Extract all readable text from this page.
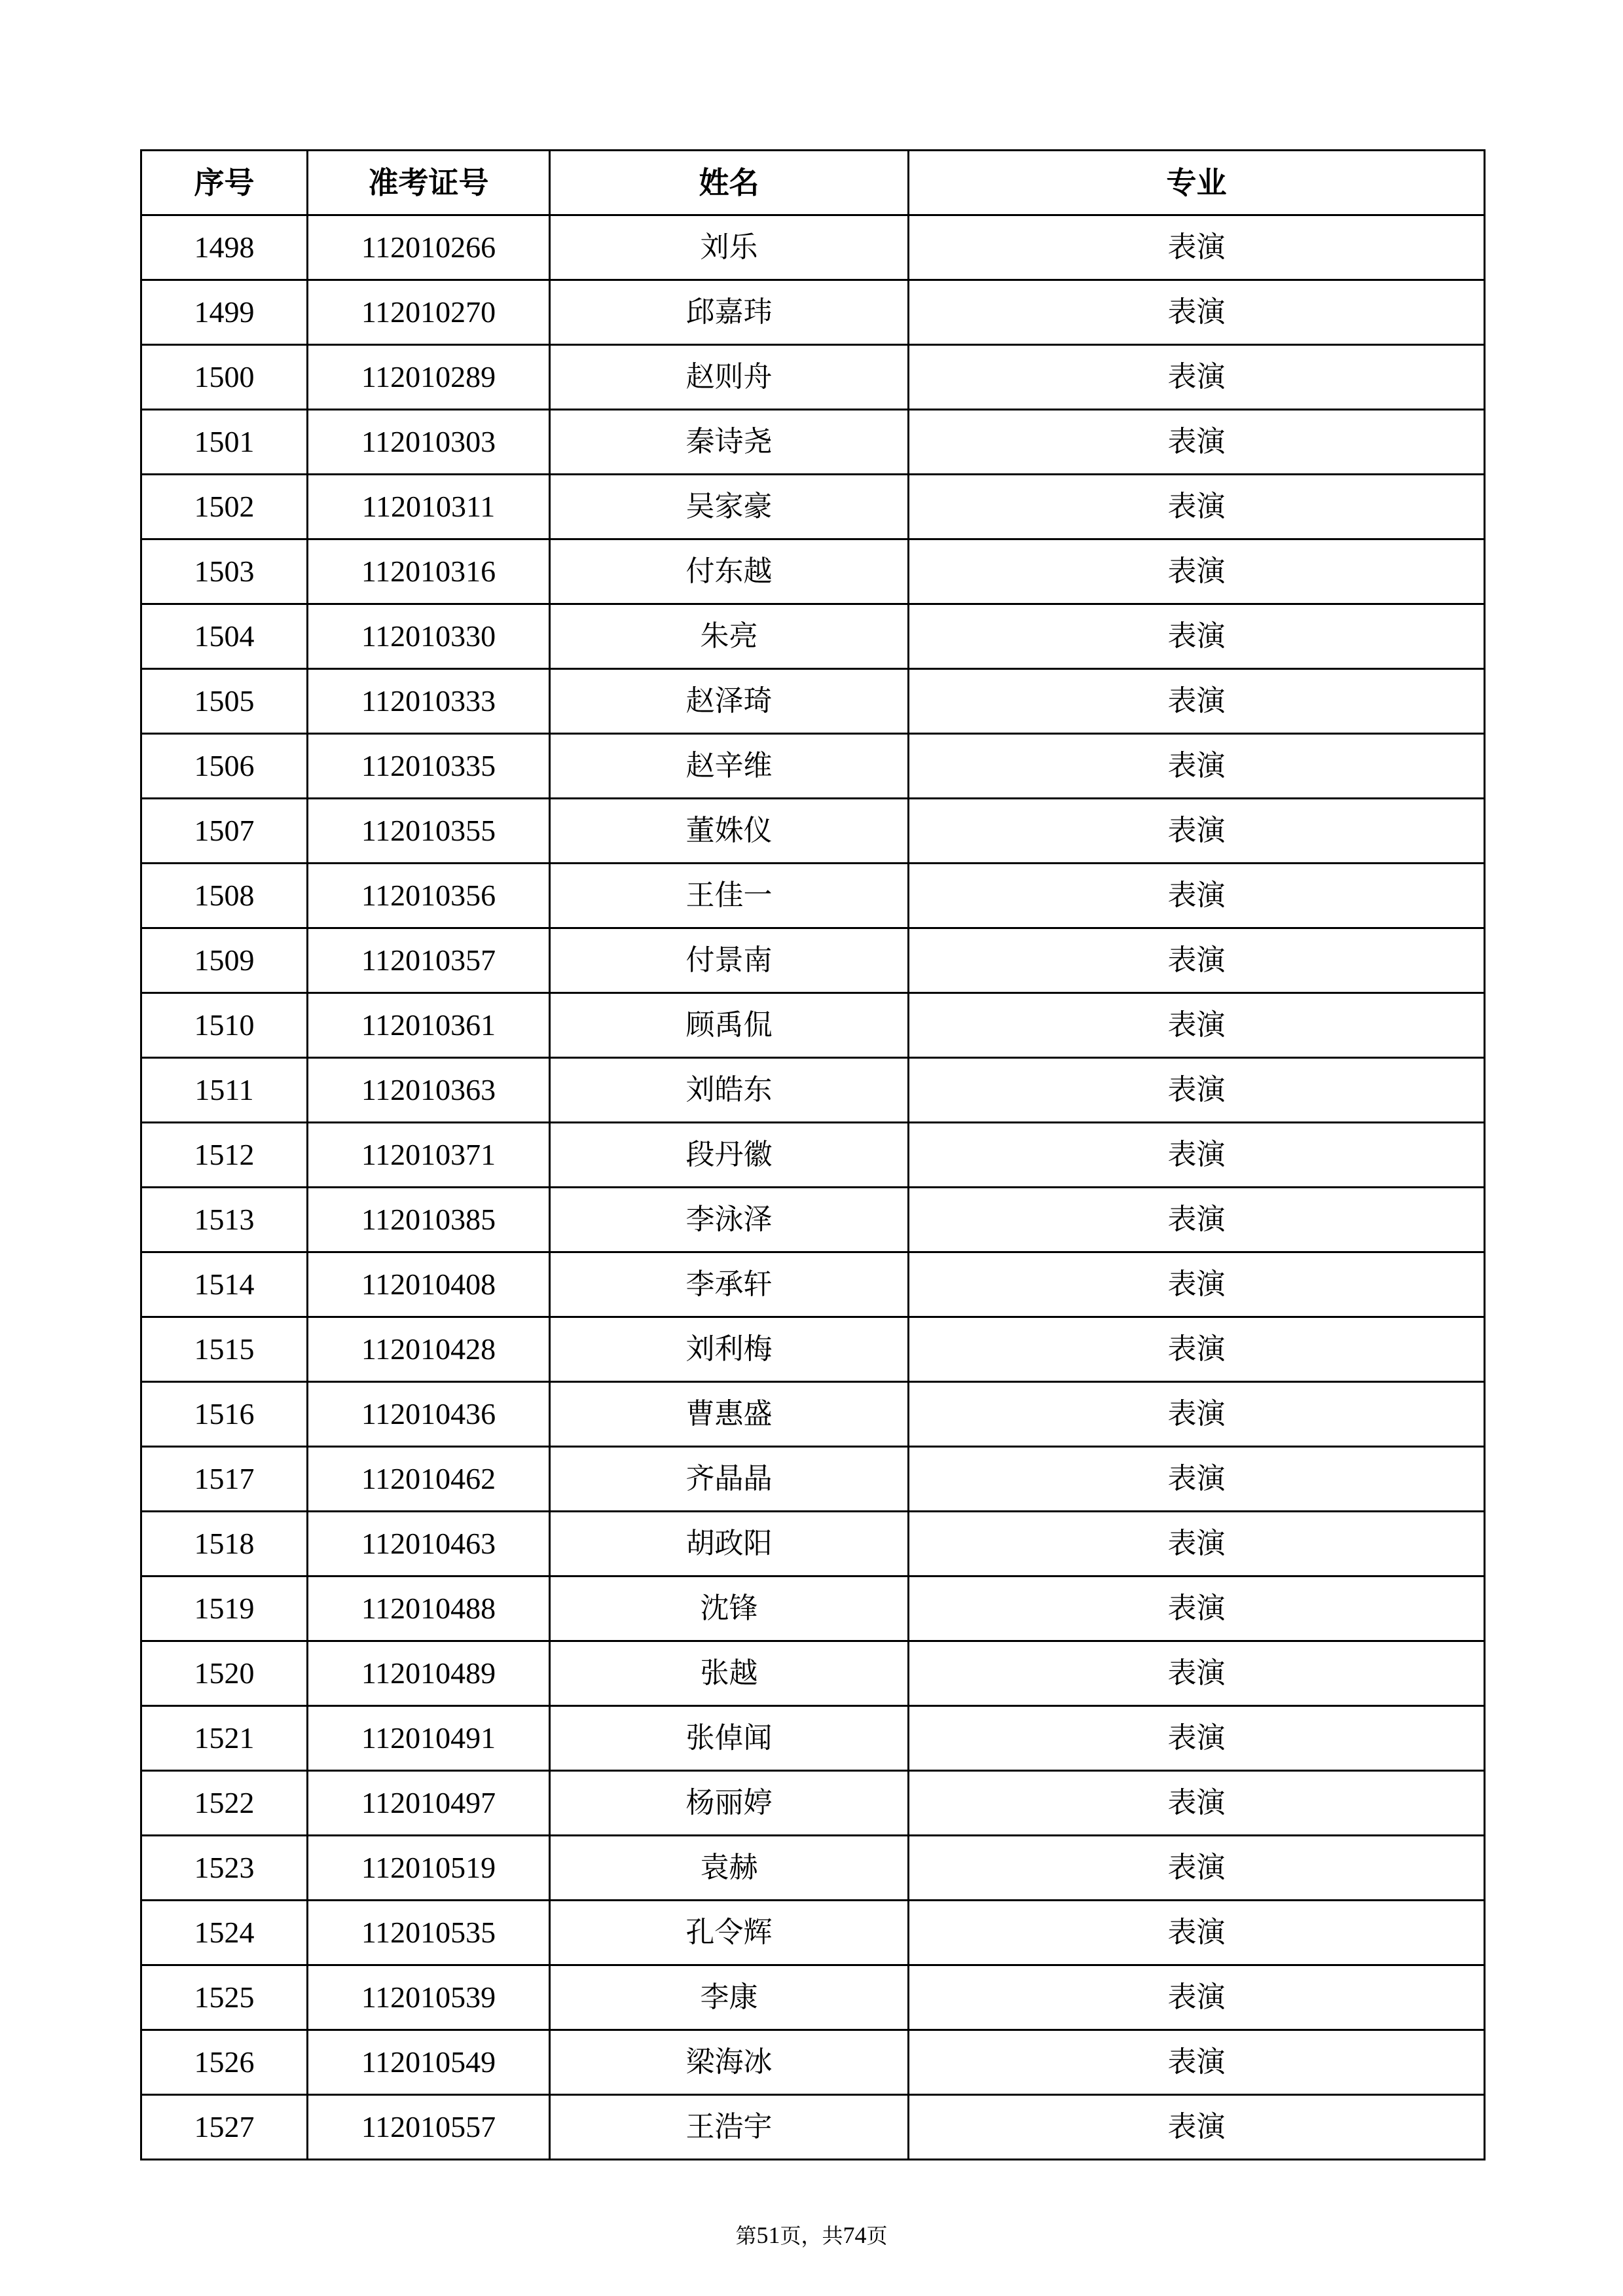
序号	准考证号	姓名	专业
1498	112010266	刘乐	表演
1499	112010270	邱嘉玮	表演
1500	112010289	赵则舟	表演
1501	112010303	秦诗尧	表演
1502	112010311	吴家豪	表演
1503	112010316	付东越	表演
1504	112010330	朱亮	表演
1505	112010333	赵泽琦	表演
1506	112010335	赵辛维	表演
1507	112010355	董姝仪	表演
1508	112010356	王佳一	表演
1509	112010357	付景南	表演
1510	112010361	顾禹侃	表演
1511	112010363	刘皓东	表演
1512	112010371	段丹徽	表演
1513	112010385	李泳泽	表演
1514	112010408	李承轩	表演
1515	112010428	刘利梅	表演
1516	112010436	曹惠盛	表演
1517	112010462	齐晶晶	表演
1518	112010463	胡政阳	表演
1519	112010488	沈锋	表演
1520	112010489	张越	表演
1521	112010491	张倬闻	表演
1522	112010497	杨丽婷	表演
1523	112010519	袁赫	表演
1524	112010535	孔令辉	表演
1525	112010539	李康	表演
1526	112010549	梁海冰	表演
1527	112010557	王浩宇	表演
第51页，共74页
